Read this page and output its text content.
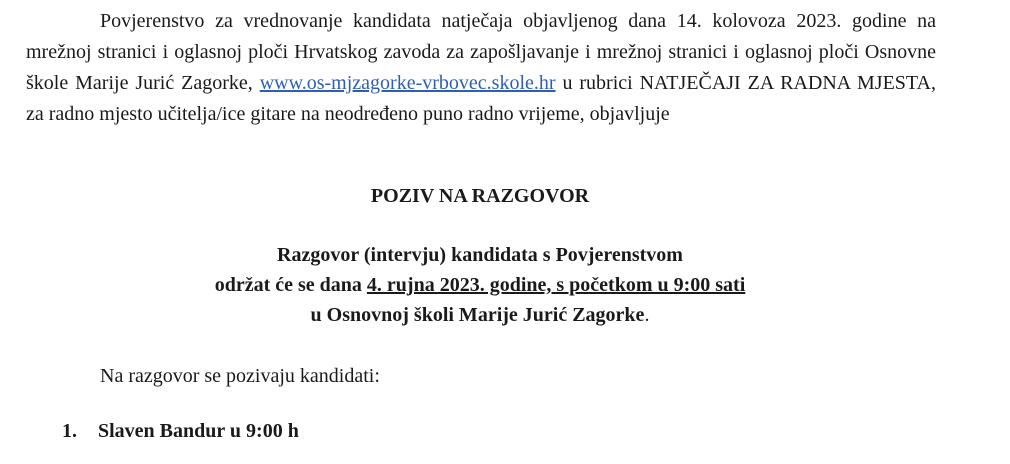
Povjerenstvo za vrednovanje kandidata natječaja objavljenog dana 14. kolovoza 2023. godine na mrežnoj stranici i oglasnoj ploči Hrvatskog zavoda za zapošljavanje i mrežnoj stranici i oglasnoj ploči Osnovne škole Marije Jurić Zagorke, www.os-mjzagorke-vrbovec.skole.hr u rubrici NATJEČAJI ZA RADNA MJESTA, za radno mjesto učitelja/ice gitare na neodređeno puno radno vrijeme, objavljuje

POZIV NA RAZGOVOR

Razgovor (intervju) kandidata s Povjerenstvom
održat će se dana 4. rujna 2023. godine, s početkom u 9:00 sati
u Osnovnoj školi Marije Jurić Zagorke.

Na razgovor se pozivaju kandidati:

1. Slaven Bandur u 9:00 h
